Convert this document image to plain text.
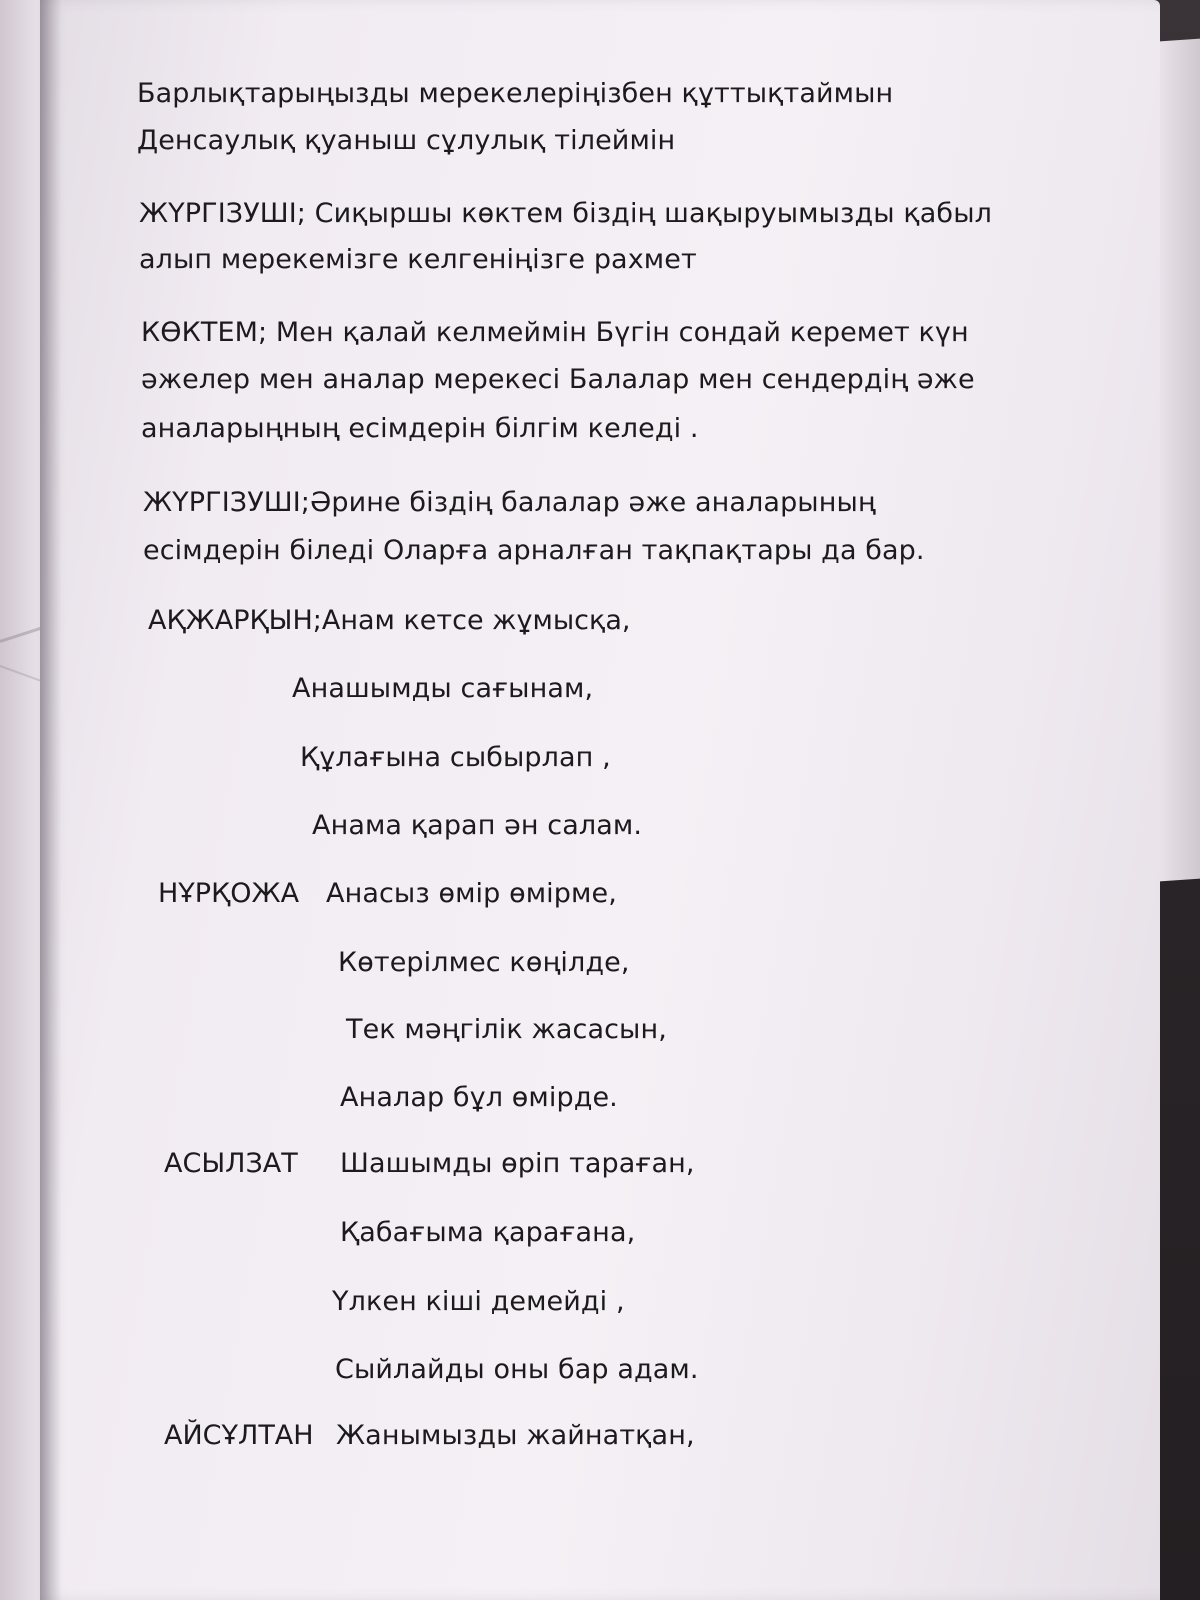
Барлықтарыңызды мерекелеріңізбен құттықтаймын
Денсаулық қуаныш сұлулық тілеймін
ЖҮРГІЗУШІ; Сиқыршы көктем біздің шақыруымызды қабыл
алып мерекемізге келгеніңізге рахмет
КӨКТЕМ; Мен қалай келмеймін Бүгін сондай керемет күн
әжелер мен аналар мерекесі Балалар мен сендердің әже
аналарыңның есімдерін білгім келеді .
ЖҮРГІЗУШІ;Әрине біздің балалар әже аналарының
есімдерін біледі Оларға арналған тақпақтары да бар.
АҚЖАРҚЫН;Анам кетсе жұмысқа,
Анашымды сағынам,
Құлағына сыбырлап ,
Анама қарап ән салам.
НҰРҚОЖА Анасыз өмір өмірме,
Көтерілмес көңілде,
Тек мәңгілік жасасын,
Аналар бұл өмірде.
АСЫЛЗАТ Шашымды өріп тараған,
Қабағыма қарағана,
Үлкен кіші демейді ,
Сыйлайды оны бар адам.
АЙСҰЛТАН Жанымызды жайнатқан,
